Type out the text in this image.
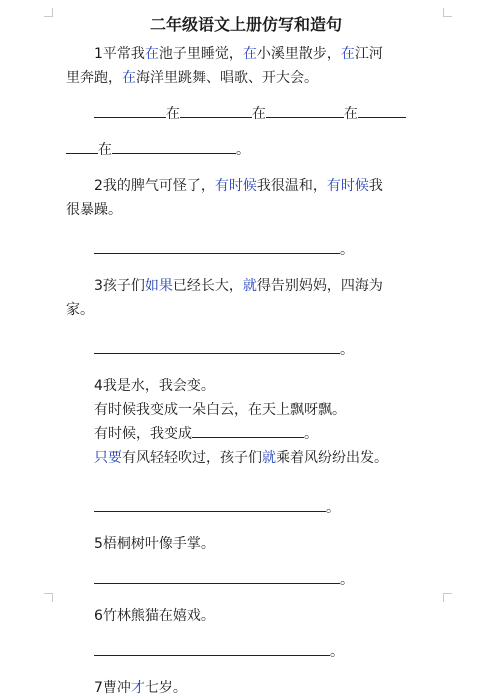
二年级语文上册仿写和造句
1平常我在池子里睡觉，在小溪里散步，在江河
里奔跑，在海洋里跳舞、唱歌、开大会。
在	在	在
在	。
2我的脾气可怪了，有时候我很温和，有时候我
很暴躁。
。
3孩子们如果已经长大，就得告别妈妈，四海为
家。
。
4我是水，我会变。
有时候我变成一朵白云，在天上飘呀飘。
有时候，我变成	。
只要有风轻轻吹过，孩子们就乘着风纷纷出发。
。
5梧桐树叶像手掌。
。
6竹林熊猫在嬉戏。
。
7曹冲才七岁。
